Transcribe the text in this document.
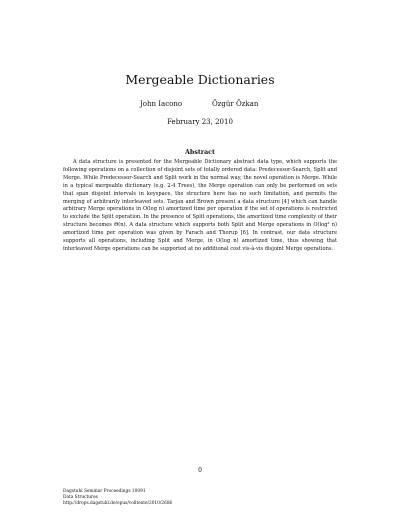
Mergeable Dictionaries
John Iacono	Özgür Özkan
February 23, 2010
Abstract

A data structure is presented for the Mergeable Dictionary abstract data type, which supports the following operations on a collection of disjoint sets of totally ordered data: Predecessor-Search, Split and Merge. While Predecessor-Search and Split work in the normal way, the novel operation is Merge. While in a typical mergeable dictionary (e.g. 2-4 Trees), the Merge operation can only be performed on sets that span disjoint intervals in keyspace, the structure here has no such limitation, and permits the merging of arbitrarily interleaved sets. Tarjan and Brown present a data structure [4] which can handle arbitrary Merge operations in O(log n) amortized time per operation if the set of operations is restricted to exclude the Split operation. In the presence of Split operations, the amortized time complexity of their structure becomes Θ(n). A data structure which supports both Split and Merge operations in O(log² n) amortized time per operation was given by Farach and Thorup [6]. In contrast, our data structure supports all operations, including Split and Merge, in O(log n) amortized time, thus showing that interleaved Merge operations can be supported at no additional cost vis-à-vis disjoint Merge operations.

0
Dagstuhl Seminar Proceedings 10091
Data Structures
http://drops.dagstuhl.de/opus/volltexte/2010/2686
